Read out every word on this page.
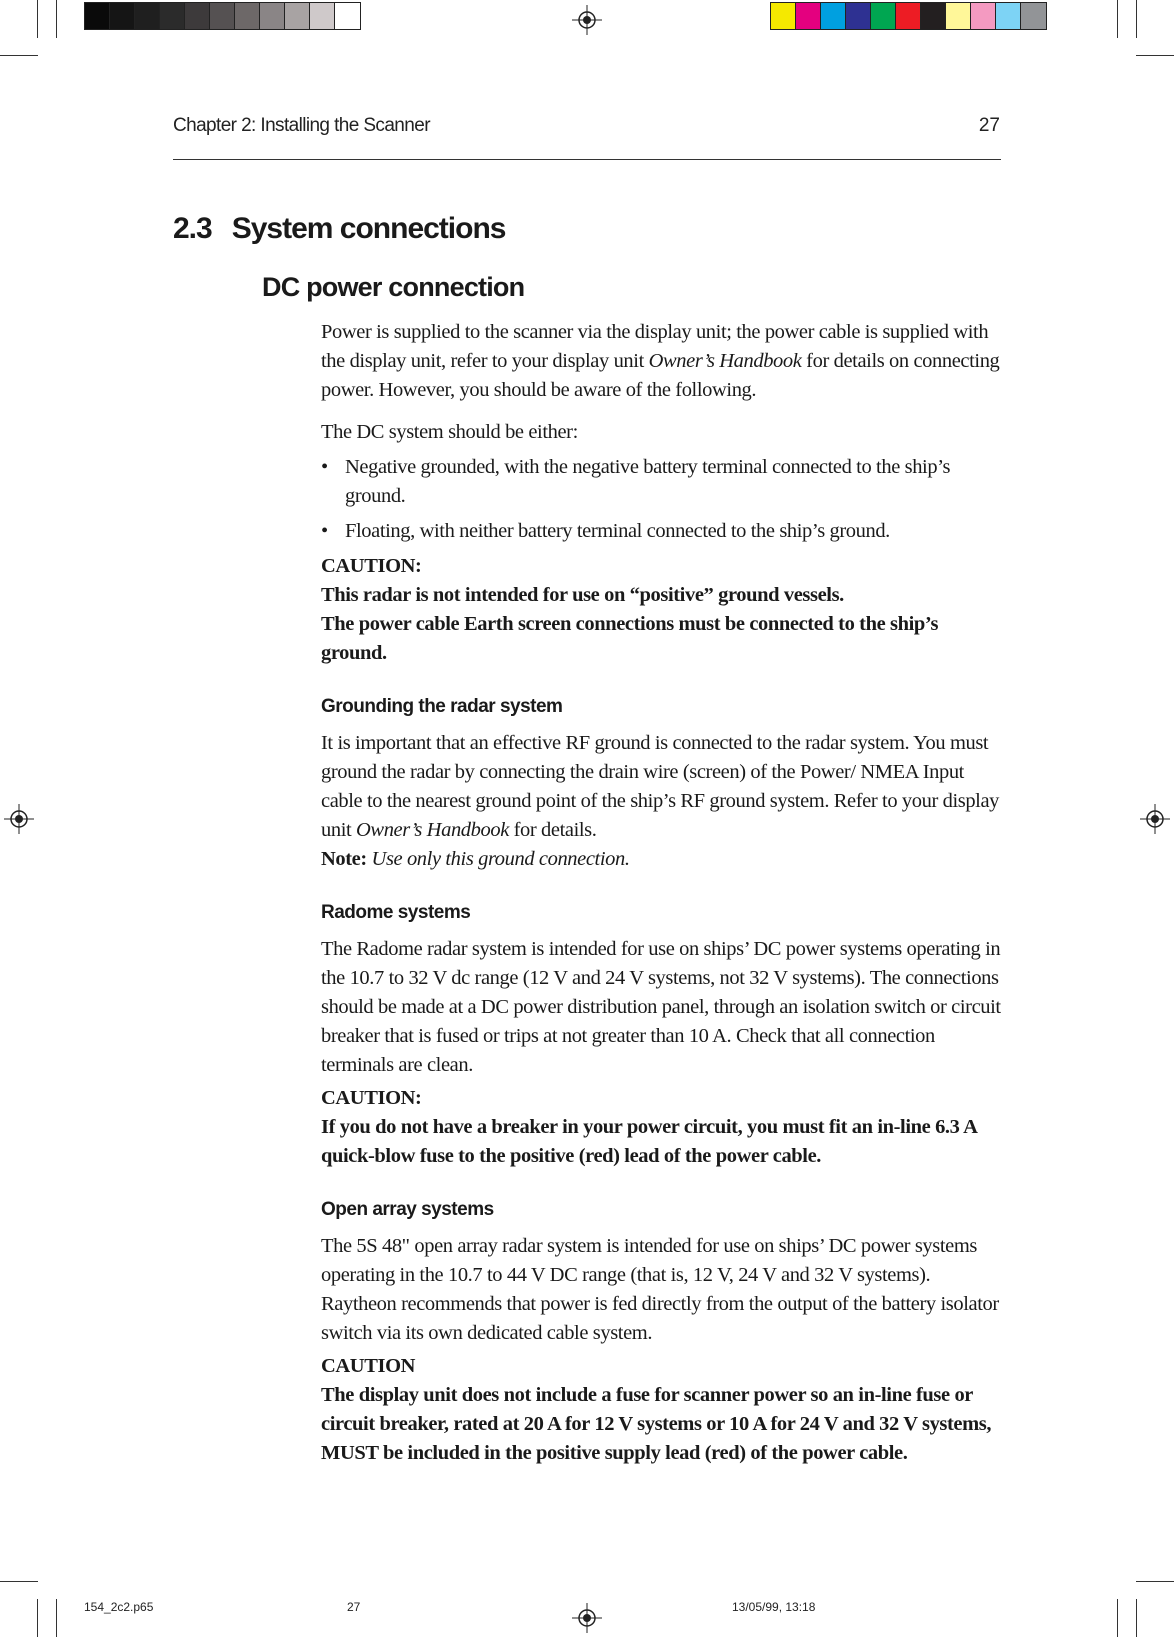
Chapter 2: Installing the Scanner	27
2.3 System connections
DC power connection

Power is supplied to the scanner via the display unit; the power cable is supplied with the display unit, refer to your display unit Owner’s Handbook for details on connecting power. However, you should be aware of the following.

The DC system should be either:

• Negative grounded, with the negative battery terminal connected to the ship’s ground.
• Floating, with neither battery terminal connected to the ship’s ground.
CAUTION:
This radar is not intended for use on “positive” ground vessels.
The power cable Earth screen connections must be connected to the ship’s ground.
Grounding the radar system

It is important that an effective RF ground is connected to the radar system. You must ground the radar by connecting the drain wire (screen) of the Power/ NMEA Input cable to the nearest ground point of the ship’s RF ground system. Refer to your display unit Owner’s Handbook for details.

Note: Use only this ground connection.

Radome systems

The Radome radar system is intended for use on ships’ DC power systems operating in the 10.7 to 32 V dc range (12 V and 24 V systems, not 32 V systems). The connections should be made at a DC power distribution panel, through an isolation switch or circuit breaker that is fused or trips at not greater than 10 A. Check that all connection terminals are clean.

CAUTION:
If you do not have a breaker in your power circuit, you must fit an in-line 6.3 A quick-blow fuse to the positive (red) lead of the power cable.
Open array systems

The 5S 48" open array radar system is intended for use on ships’ DC power systems operating in the 10.7 to 44 V DC range (that is, 12 V, 24 V and 32 V systems). Raytheon recommends that power is fed directly from the output of the battery isolator switch via its own dedicated cable system.

CAUTION
The display unit does not include a fuse for scanner power so an in-line fuse or circuit breaker, rated at 20 A for 12 V systems or 10 A for 24 V and 32 V systems, MUST be included in the positive supply lead (red) of the power cable.
154_2c2.p65	27	13/05/99, 13:18
